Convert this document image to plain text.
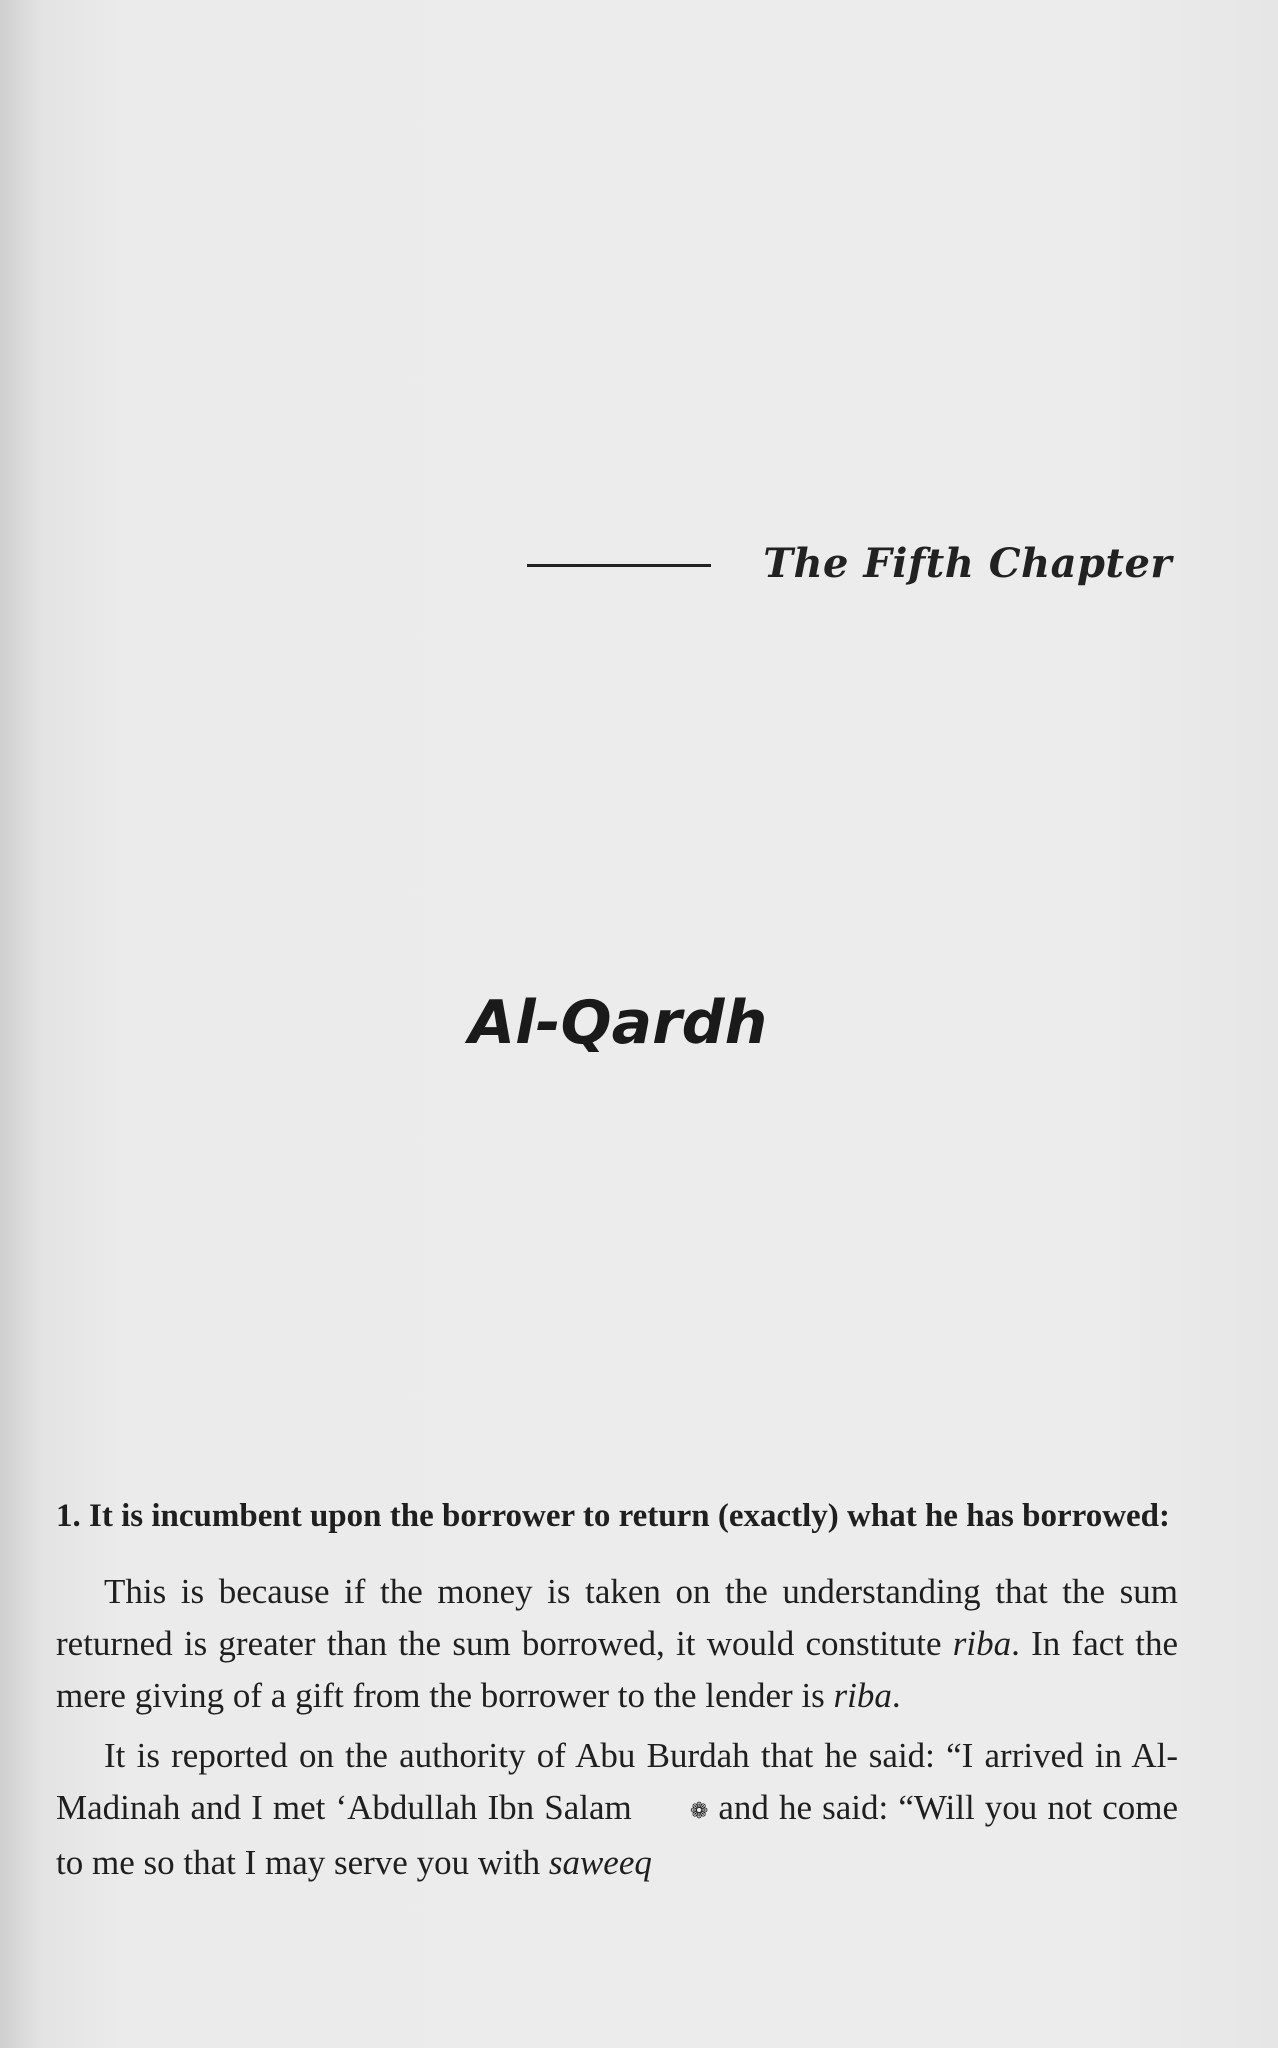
The Fifth Chapter
Al-Qardh

1. It is incumbent upon the borrower to return (exactly) what he has borrowed:

This is because if the money is taken on the understanding that the sum returned is greater than the sum borrowed, it would constitute riba. In fact the mere giving of a gift from the borrower to the lender is riba.

It is reported on the authority of Abu Burdah that he said: “I arrived in Al-Madinah and I met ‘Abdullah Ibn Salam ❁ and he said: “Will you not come to me so that I may serve you with saweeq
